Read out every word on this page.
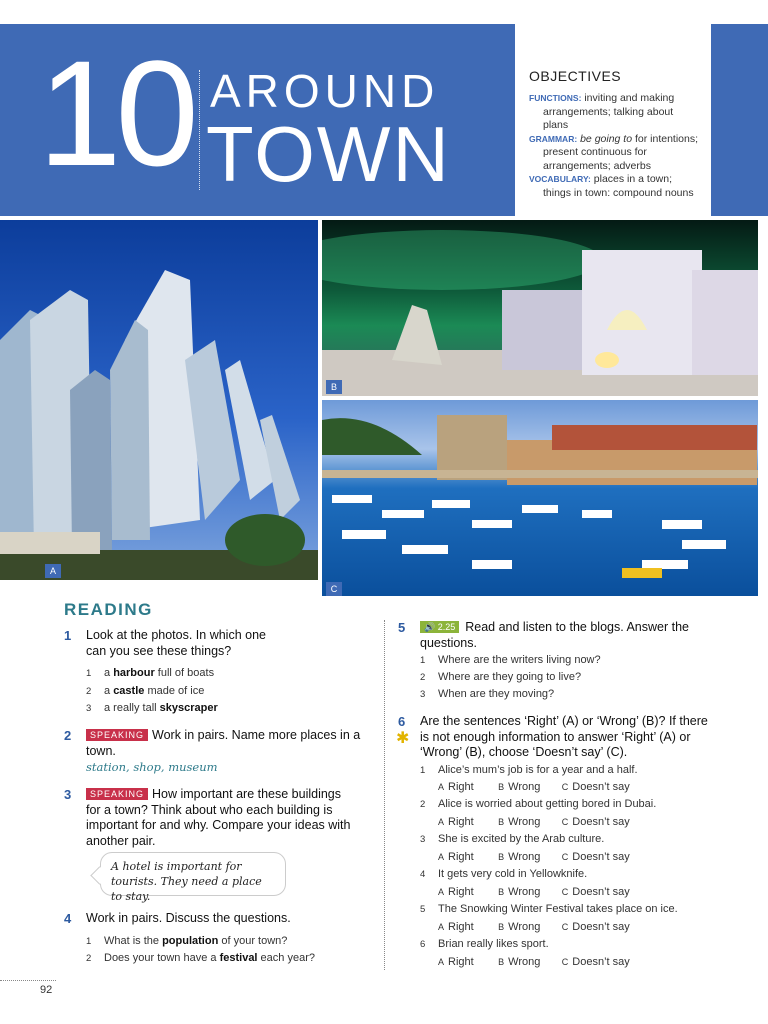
10 AROUND
TOWN
OBJECTIVES
FUNCTIONS: inviting and making arrangements; talking about plans
GRAMMAR: be going to for intentions; present continuous for arrangements; adverbs
VOCABULARY: places in a town; things in town: compound nouns
A
B
C
READING
1 Look at the photos. In which one can you see these things?
1 a harbour full of boats
2 a castle made of ice
3 a really tall skyscraper
2	SPEAKING Work in pairs. Name more places in a town.
station, shop, museum
3	SPEAKING How important are these buildings for a town? Think about who each building is important for and why. Compare your ideas with another pair.
A hotel is important for tourists. They need a place to stay.
4 Work in pairs. Discuss the questions.
1 What is the population of your town?
2 Does your town have a festival each year?
5	🔊 2.25 Read and listen to the blogs. Answer the questions.
1 Where are the writers living now?
2 Where are they going to live?
3 When are they moving?
6
✱
Are the sentences ‘Right’ (A) or ‘Wrong’ (B)? If there is not enough information to answer ‘Right’ (A) or ‘Wrong’ (B), choose ‘Doesn’t say’ (C).
1 Alice’s mum’s job is for a year and a half.
A Right	B Wrong C Doesn’t say
2 Alice is worried about getting bored in Dubai.
A Right	B Wrong C Doesn’t say
3 She is excited by the Arab culture.
A Right	B Wrong C Doesn’t say
4 It gets very cold in Yellowknife.
A Right	B Wrong C Doesn’t say
5 The Snowking Winter Festival takes place on ice.
A Right	B Wrong C Doesn’t say
6 Brian really likes sport.
A Right	B Wrong C Doesn’t say
92
